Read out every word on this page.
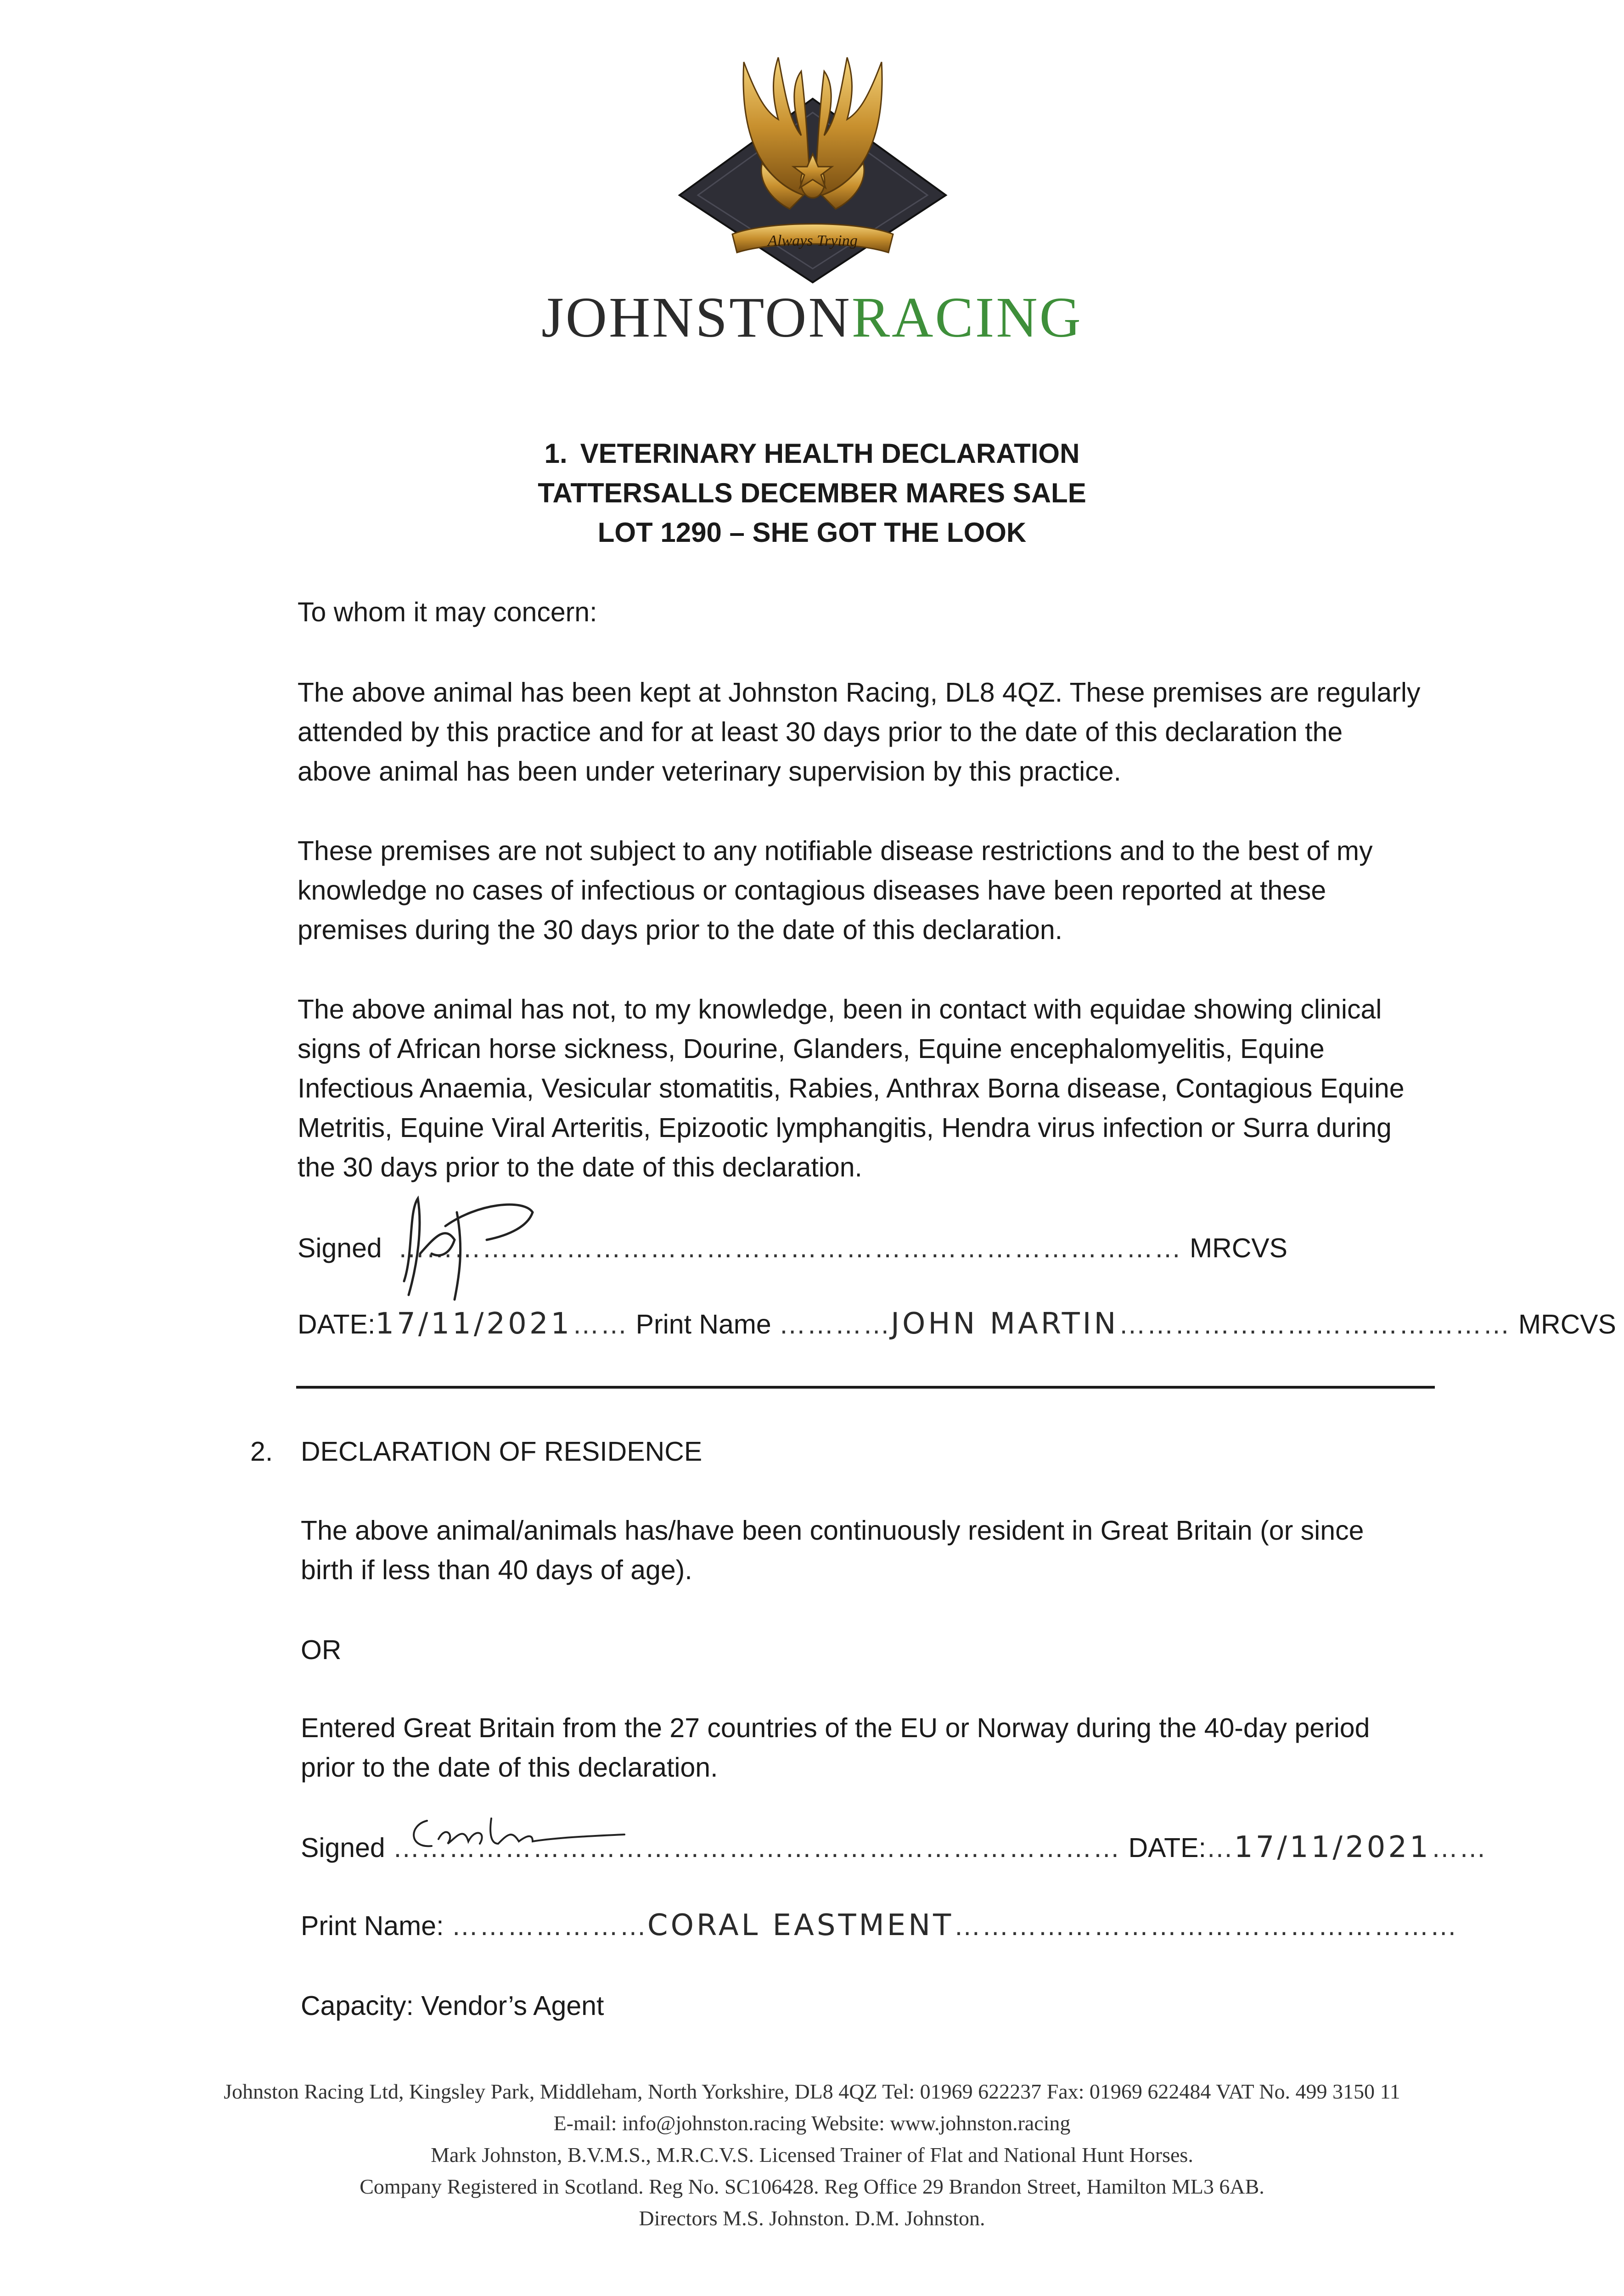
Always Trying
JOHNSTONRACING
1. VETERINARY HEALTH DECLARATION
TATTERSALLS DECEMBER MARES SALE
LOT 1290 – SHE GOT THE LOOK
To whom it may concern:
The above animal has been kept at Johnston Racing, DL8 4QZ. These premises are regularly
attended by this practice and for at least 30 days prior to the date of this declaration the
above animal has been under veterinary supervision by this practice.
These premises are not subject to any notifiable disease restrictions and to the best of my
knowledge no cases of infectious or contagious diseases have been reported at these
premises during the 30 days prior to the date of this declaration.
The above animal has not, to my knowledge, been in contact with equidae showing clinical
signs of African horse sickness, Dourine, Glanders, Equine encephalomyelitis, Equine
Infectious Anaemia, Vesicular stomatitis, Rabies, Anthrax Borna disease, Contagious Equine
Metritis, Equine Viral Arteritis, Epizootic lymphangitis, Hendra virus infection or Surra during
the 30 days prior to the date of this declaration.
Signed  ………………………………………………………………………… MRCVS
DATE:17/11/2021…… Print Name …………JOHN MARTIN…………………………………… MRCVS
2. DECLARATION OF RESIDENCE
The above animal/animals has/have been continuously resident in Great Britain (or since
birth if less than 40 days of age).
OR
Entered Great Britain from the 27 countries of the EU or Norway during the 40-day period
prior to the date of this declaration.
Signed …………………………………………………………………… DATE:…17/11/2021……
Print Name: …………………CORAL EASTMENT………………………………………………
Capacity: Vendor’s Agent
Johnston Racing Ltd, Kingsley Park, Middleham, North Yorkshire, DL8 4QZ Tel: 01969 622237 Fax: 01969 622484 VAT No. 499 3150 11
E-mail: info@johnston.racing Website: www.johnston.racing
Mark Johnston, B.V.M.S., M.R.C.V.S. Licensed Trainer of Flat and National Hunt Horses.
Company Registered in Scotland. Reg No. SC106428. Reg Office 29 Brandon Street, Hamilton ML3 6AB.
Directors M.S. Johnston. D.M. Johnston.
